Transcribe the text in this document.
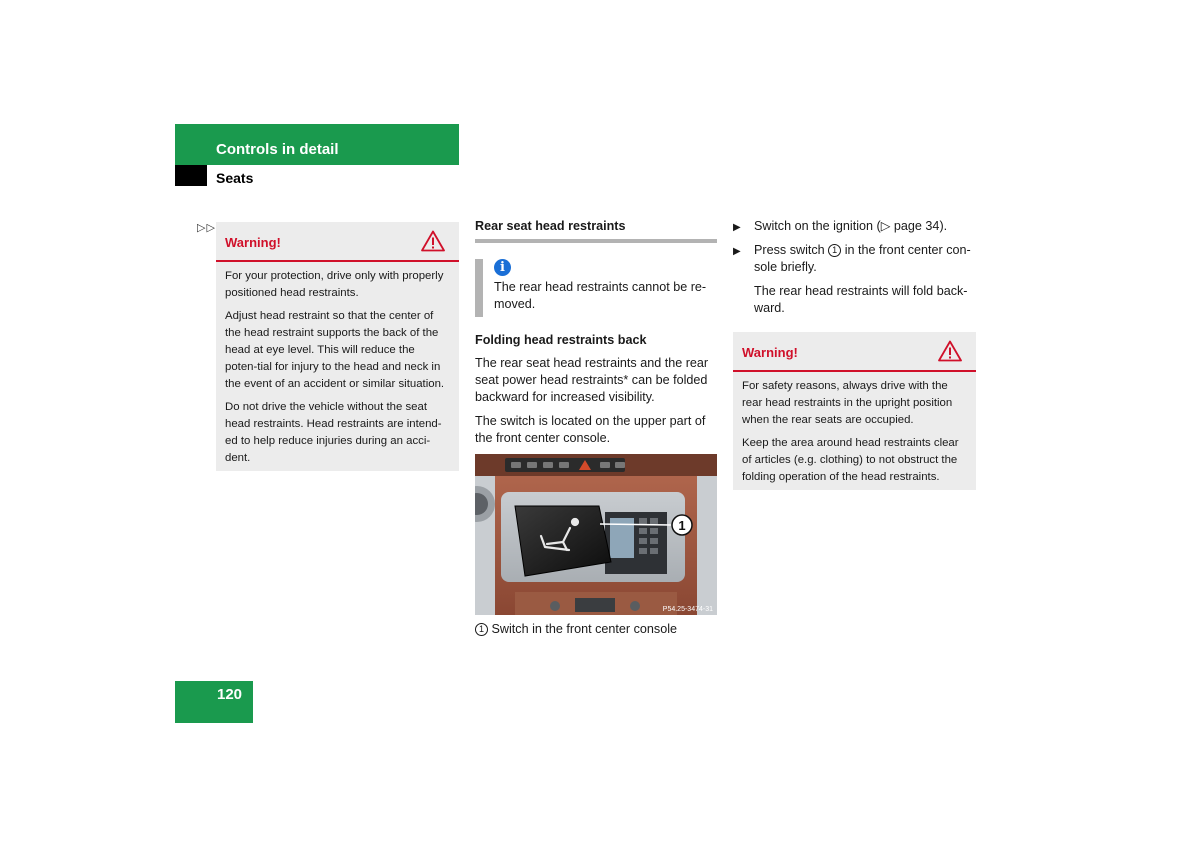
Controls in detail
Seats
▷▷
Warning!

For your protection, drive only with properly positioned head restraints.

Adjust head restraint so that the center of the head restraint supports the back of the head at eye level. This will reduce the poten-tial for injury to the head and neck in the event of an accident or similar situation.

Do not drive the vehicle without the seat head restraints. Head restraints are intend-ed to help reduce injuries during an acci-dent.

Rear seat head restraints
i
The rear head restraints cannot be re-moved.
Folding head restraints back

The rear seat head restraints and the rear seat power head restraints* can be folded backward for increased visibility.

The switch is located on the upper part of the front center console.

1
P54.25-3474-31
1 Switch in the front center console
▶ Switch on the ignition (▷ page 34).
▶ Press switch 1 in the front center con-sole briefly.
The rear head restraints will fold back-ward.
Warning!

For safety reasons, always drive with the rear head restraints in the upright position when the rear seats are occupied.

Keep the area around head restraints clear of articles (e.g. clothing) to not obstruct the folding operation of the head restraints.

120
